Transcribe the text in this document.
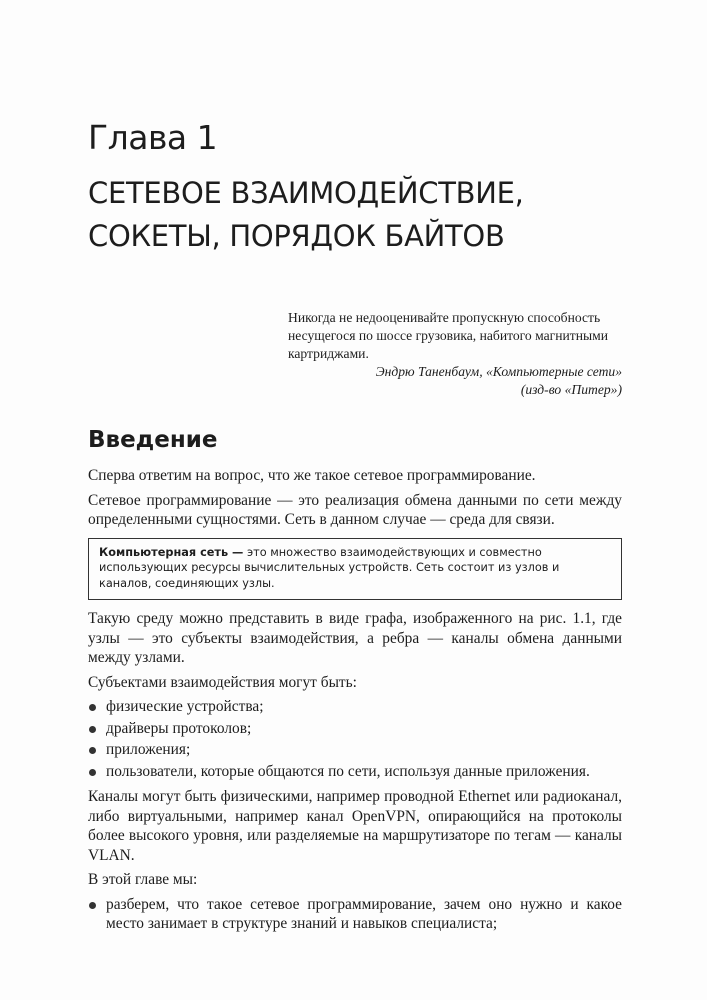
Глава 1
СЕТЕВОЕ ВЗАИМОДЕЙСТВИЕ,
СОКЕТЫ, ПОРЯДОК БАЙТОВ

Никогда не недооценивайте пропускную способность несущегося по шоссе грузовика, набитого магнитными картриджами.

Эндрю Таненбаум, «Компьютерные сети»

(изд-во «Питер»)

Введение

Сперва ответим на вопрос, что же такое сетевое программирование.

Сетевое программирование — это реализация обмена данными по сети между определенными сущностями. Сеть в данном случае — среда для связи.

Компьютерная сеть — это множество взаимодействующих и совместно использующих ресурсы вычислительных устройств. Сеть состоит из узлов и каналов, соединяющих узлы.

Такую среду можно представить в виде графа, изображенного на рис. 1.1, где узлы — это субъекты взаимодействия, а ребра — каналы обмена данными между узлами.

Субъектами взаимодействия могут быть:

физические устройства;
драйверы протоколов;
приложения;
пользователи, которые общаются по сети, используя данные приложения.

Каналы могут быть физическими, например проводной Ethernet или радиоканал, либо виртуальными, например канал OpenVPN, опирающийся на протоколы более высокого уровня, или разделяемые на маршрутизаторе по тегам — каналы VLAN.

В этой главе мы:

разберем, что такое сетевое программирование, зачем оно нужно и какое место занимает в структуре знаний и навыков специалиста;
